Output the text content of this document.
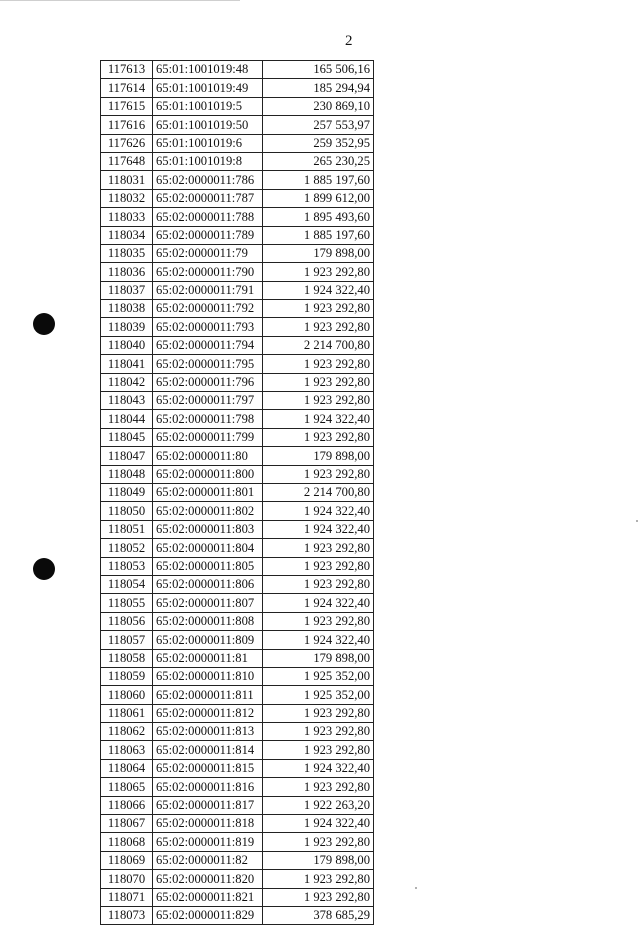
2
117613	65:01:1001019:48	165 506,16
117614	65:01:1001019:49	185 294,94
117615	65:01:1001019:5	230 869,10
117616	65:01:1001019:50	257 553,97
117626	65:01:1001019:6	259 352,95
117648	65:01:1001019:8	265 230,25
118031	65:02:0000011:786	1 885 197,60
118032	65:02:0000011:787	1 899 612,00
118033	65:02:0000011:788	1 895 493,60
118034	65:02:0000011:789	1 885 197,60
118035	65:02:0000011:79	179 898,00
118036	65:02:0000011:790	1 923 292,80
118037	65:02:0000011:791	1 924 322,40
118038	65:02:0000011:792	1 923 292,80
118039	65:02:0000011:793	1 923 292,80
118040	65:02:0000011:794	2 214 700,80
118041	65:02:0000011:795	1 923 292,80
118042	65:02:0000011:796	1 923 292,80
118043	65:02:0000011:797	1 923 292,80
118044	65:02:0000011:798	1 924 322,40
118045	65:02:0000011:799	1 923 292,80
118047	65:02:0000011:80	179 898,00
118048	65:02:0000011:800	1 923 292,80
118049	65:02:0000011:801	2 214 700,80
118050	65:02:0000011:802	1 924 322,40
118051	65:02:0000011:803	1 924 322,40
118052	65:02:0000011:804	1 923 292,80
118053	65:02:0000011:805	1 923 292,80
118054	65:02:0000011:806	1 923 292,80
118055	65:02:0000011:807	1 924 322,40
118056	65:02:0000011:808	1 923 292,80
118057	65:02:0000011:809	1 924 322,40
118058	65:02:0000011:81	179 898,00
118059	65:02:0000011:810	1 925 352,00
118060	65:02:0000011:811	1 925 352,00
118061	65:02:0000011:812	1 923 292,80
118062	65:02:0000011:813	1 923 292,80
118063	65:02:0000011:814	1 923 292,80
118064	65:02:0000011:815	1 924 322,40
118065	65:02:0000011:816	1 923 292,80
118066	65:02:0000011:817	1 922 263,20
118067	65:02:0000011:818	1 924 322,40
118068	65:02:0000011:819	1 923 292,80
118069	65:02:0000011:82	179 898,00
118070	65:02:0000011:820	1 923 292,80
118071	65:02:0000011:821	1 923 292,80
118073	65:02:0000011:829	378 685,29
